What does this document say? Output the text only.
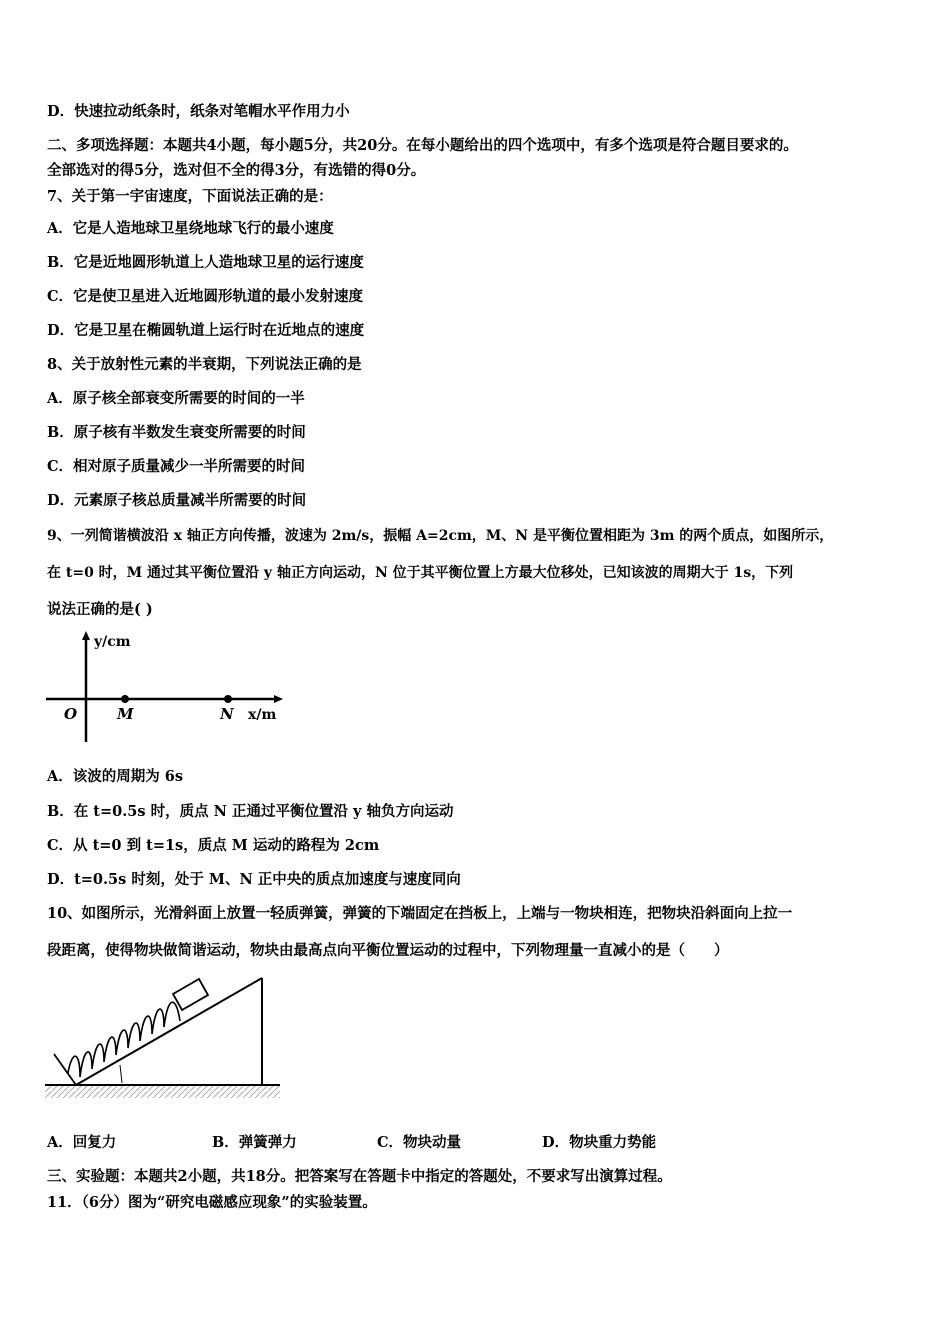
D．快速拉动纸条时，纸条对笔帽水平作用力小
二、多项选择题：本题共4小题，每小题5分，共20分。在每小题给出的四个选项中，有多个选项是符合题目要求的。
全部选对的得5分，选对但不全的得3分，有选错的得0分。
7、关于第一宇宙速度，下面说法正确的是：
A．它是人造地球卫星绕地球飞行的最小速度
B．它是近地圆形轨道上人造地球卫星的运行速度
C．它是使卫星进入近地圆形轨道的最小发射速度
D．它是卫星在椭圆轨道上运行时在近地点的速度
8、关于放射性元素的半衰期，下列说法正确的是
A．原子核全部衰变所需要的时间的一半
B．原子核有半数发生衰变所需要的时间
C．相对原子质量减少一半所需要的时间
D．元素原子核总质量减半所需要的时间
9、一列简谐横波沿 x 轴正方向传播，波速为 2m/s，振幅 A=2cm，M、N 是平衡位置相距为 3m 的两个质点，如图所示，
在 t=0 时，M 通过其平衡位置沿 y 轴正方向运动，N 位于其平衡位置上方最大位移处，已知该波的周期大于 1s，下列
说法正确的是( )
y/cm
O	M	N x/m
A．该波的周期为 6s
B．在 t=0.5s 时，质点 N 正通过平衡位置沿 y 轴负方向运动
C．从 t=0 到 t=1s，质点 M 运动的路程为 2cm
D．t=0.5s 时刻，处于 M、N 正中央的质点加速度与速度同向
10、如图所示，光滑斜面上放置一轻质弹簧，弹簧的下端固定在挡板上，上端与一物块相连，把物块沿斜面向上拉一
段距离，使得物块做简谐运动，物块由最高点向平衡位置运动的过程中，下列物理量一直减小的是（　　）
A．回复力	B．弹簧弹力	C．物块动量	D．物块重力势能
三、实验题：本题共2小题，共18分。把答案写在答题卡中指定的答题处，不要求写出演算过程。
11．（6分）图为“研究电磁感应现象”的实验装置。
